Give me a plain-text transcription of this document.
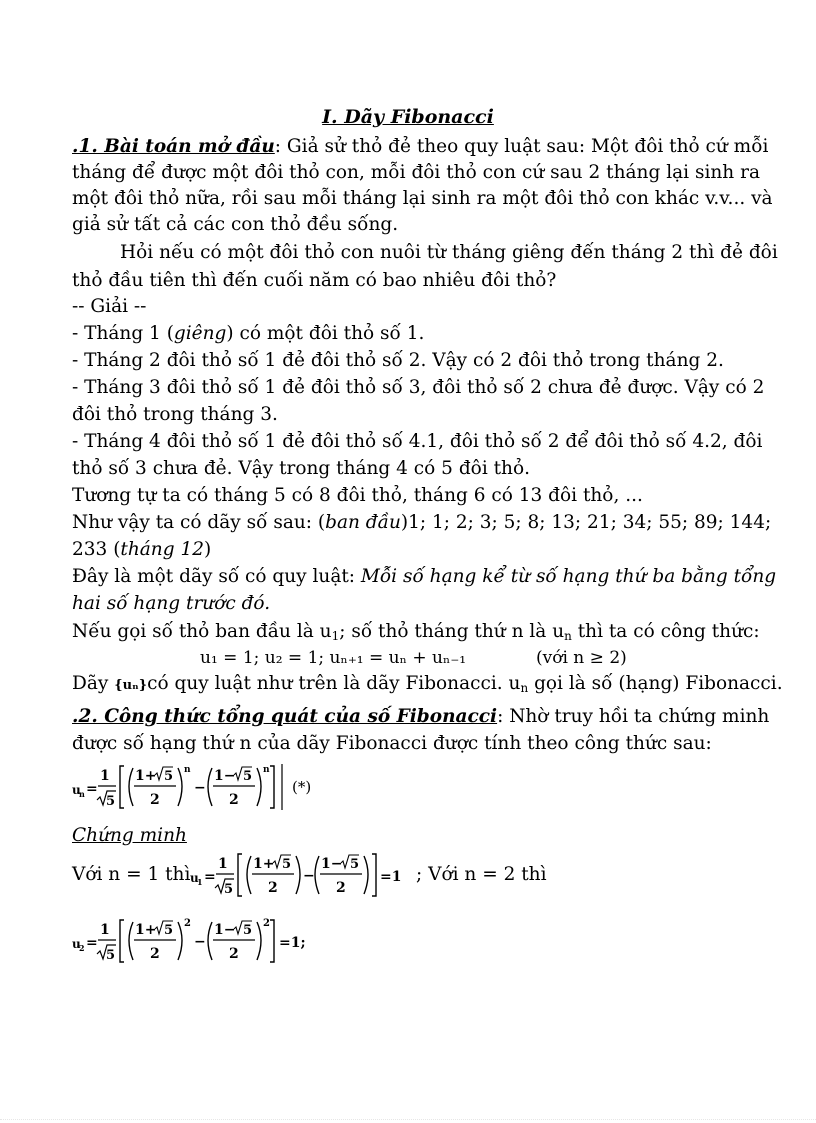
I. Dãy Fibonacci
.1. Bài toán mở đầu: Giả sử thỏ đẻ theo quy luật sau: Một đôi thỏ cứ mỗi
tháng để được một đôi thỏ con, mỗi đôi thỏ con cứ sau 2 tháng lại sinh ra
một đôi thỏ nữa, rồi sau mỗi tháng lại sinh ra một đôi thỏ con khác v.v... và
giả sử tất cả các con thỏ đều sống.
Hỏi nếu có một đôi thỏ con nuôi từ tháng giêng đến tháng 2 thì đẻ đôi
thỏ đầu tiên thì đến cuối năm có bao nhiêu đôi thỏ?
-- Giải --
- Tháng 1 (giêng) có một đôi thỏ số 1.
- Tháng 2 đôi thỏ số 1 đẻ đôi thỏ số 2. Vậy có 2 đôi thỏ trong tháng 2.
- Tháng 3 đôi thỏ số 1 đẻ đôi thỏ số 3, đôi thỏ số 2 chưa đẻ được. Vậy có 2
đôi thỏ trong tháng 3.
- Tháng 4 đôi thỏ số 1 đẻ đôi thỏ số 4.1, đôi thỏ số 2 để đôi thỏ số 4.2, đôi
thỏ số 3 chưa đẻ. Vậy trong tháng 4 có 5 đôi thỏ.
Tương tự ta có tháng 5 có 8 đôi thỏ, tháng 6 có 13 đôi thỏ, ...
Như vậy ta có dãy số sau: (ban đầu)1; 1; 2; 3; 5; 8; 13; 21; 34; 55; 89; 144;
233 (tháng 12)
Đây là một dãy số có quy luật: Mỗi số hạng kể từ số hạng thứ ba bằng tổng
hai số hạng trước đó.
Nếu gọi số thỏ ban đầu là $u_1$; số thỏ tháng thứ n là $u_n$ thì ta có công thức:
u₁ = 1; u₂ = 1; uₙ₊₁ = uₙ + uₙ₋₁	(với n ≥ 2)
Dãy {uₙ}có quy luật như trên là dãy Fibonacci. $u_n$ gọi là số (hạng) Fibonacci.
.2. Công thức tổng quát của số Fibonacci: Nhờ truy hồi ta chứng minh
được số hạng thứ n của dãy Fibonacci được tính theo công thức sau:
u
n =
1
5
1+ 5
2
n
−
1− 5
2
n
(*)
Chứng minh
Với n = 1 thì u
1 =
1
5
1+ 5
2
−
1− 5
2
=1 ; Với n = 2 thì
u
2 =
1
5
1+ 5
2
2
−
1− 5
2
2
=1;
